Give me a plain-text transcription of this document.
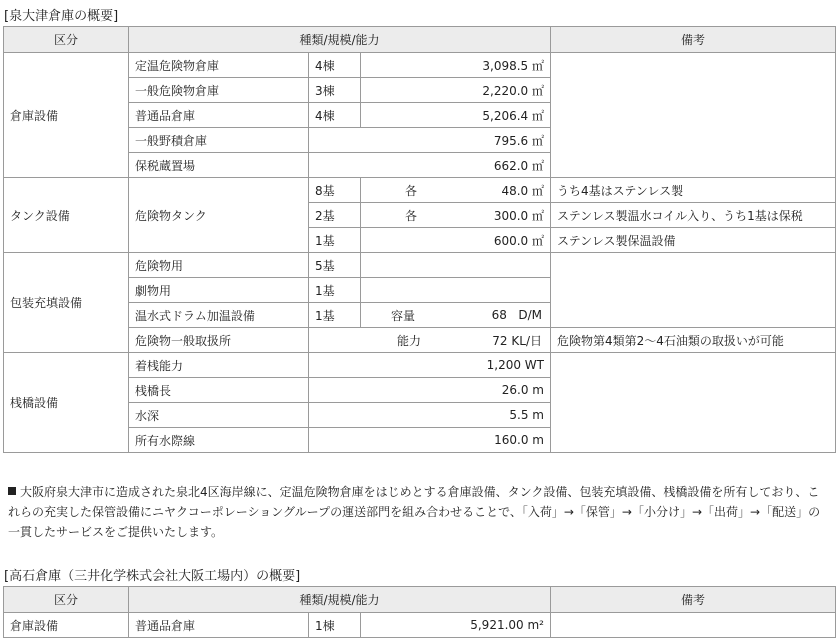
[泉大津倉庫の概要]
区分	種類/規模/能力			備考
倉庫設備	定温危険物倉庫	4棟	3,098.5 ㎡	
	一般危険物倉庫	3棟	2,220.0 ㎡	
	普通品倉庫	4棟	5,206.4 ㎡	
	一般野積倉庫	795.6 ㎡		
	保税蔵置場	662.0 ㎡		
タンク設備	危険物タンク	8基	各 48.0 ㎡	うち4基はステンレス製
		2基	各 300.0 ㎡	ステンレス製温水コイル入り、うち1基は保税
		1基	600.0 ㎡	ステンレス製保温設備
包装充填設備	危険物用	5基		
	劇物用	1基		
	温水式ドラム加温設備	1基	容量 68 D/M	

	危険物一般取扱所	能力 72 KL/日		危険物第4類第2～4石油類の取扱いが可能
桟橋設備	着桟能力	1,200 WT		
	桟橋長	26.0 m		
	水深	5.5 m		
	所有水際線	160.0 m		
大阪府泉大津市に造成された泉北4区海岸線に、定温危険物倉庫をはじめとする倉庫設備、タンク設備、包装充填設備、桟橋設備を所有しており、これらの充実した保管設備にニヤクコーポレーショングループの運送部門を組み合わせることで、「入荷」→「保管」→「小分け」→「出荷」→「配送」の一貫したサービスをご提供いたします。
[高石倉庫（三井化学株式会社大阪工場内）の概要]
区分	種類/規模/能力			備考
倉庫設備	普通品倉庫	1棟	5,921.00 m²	
